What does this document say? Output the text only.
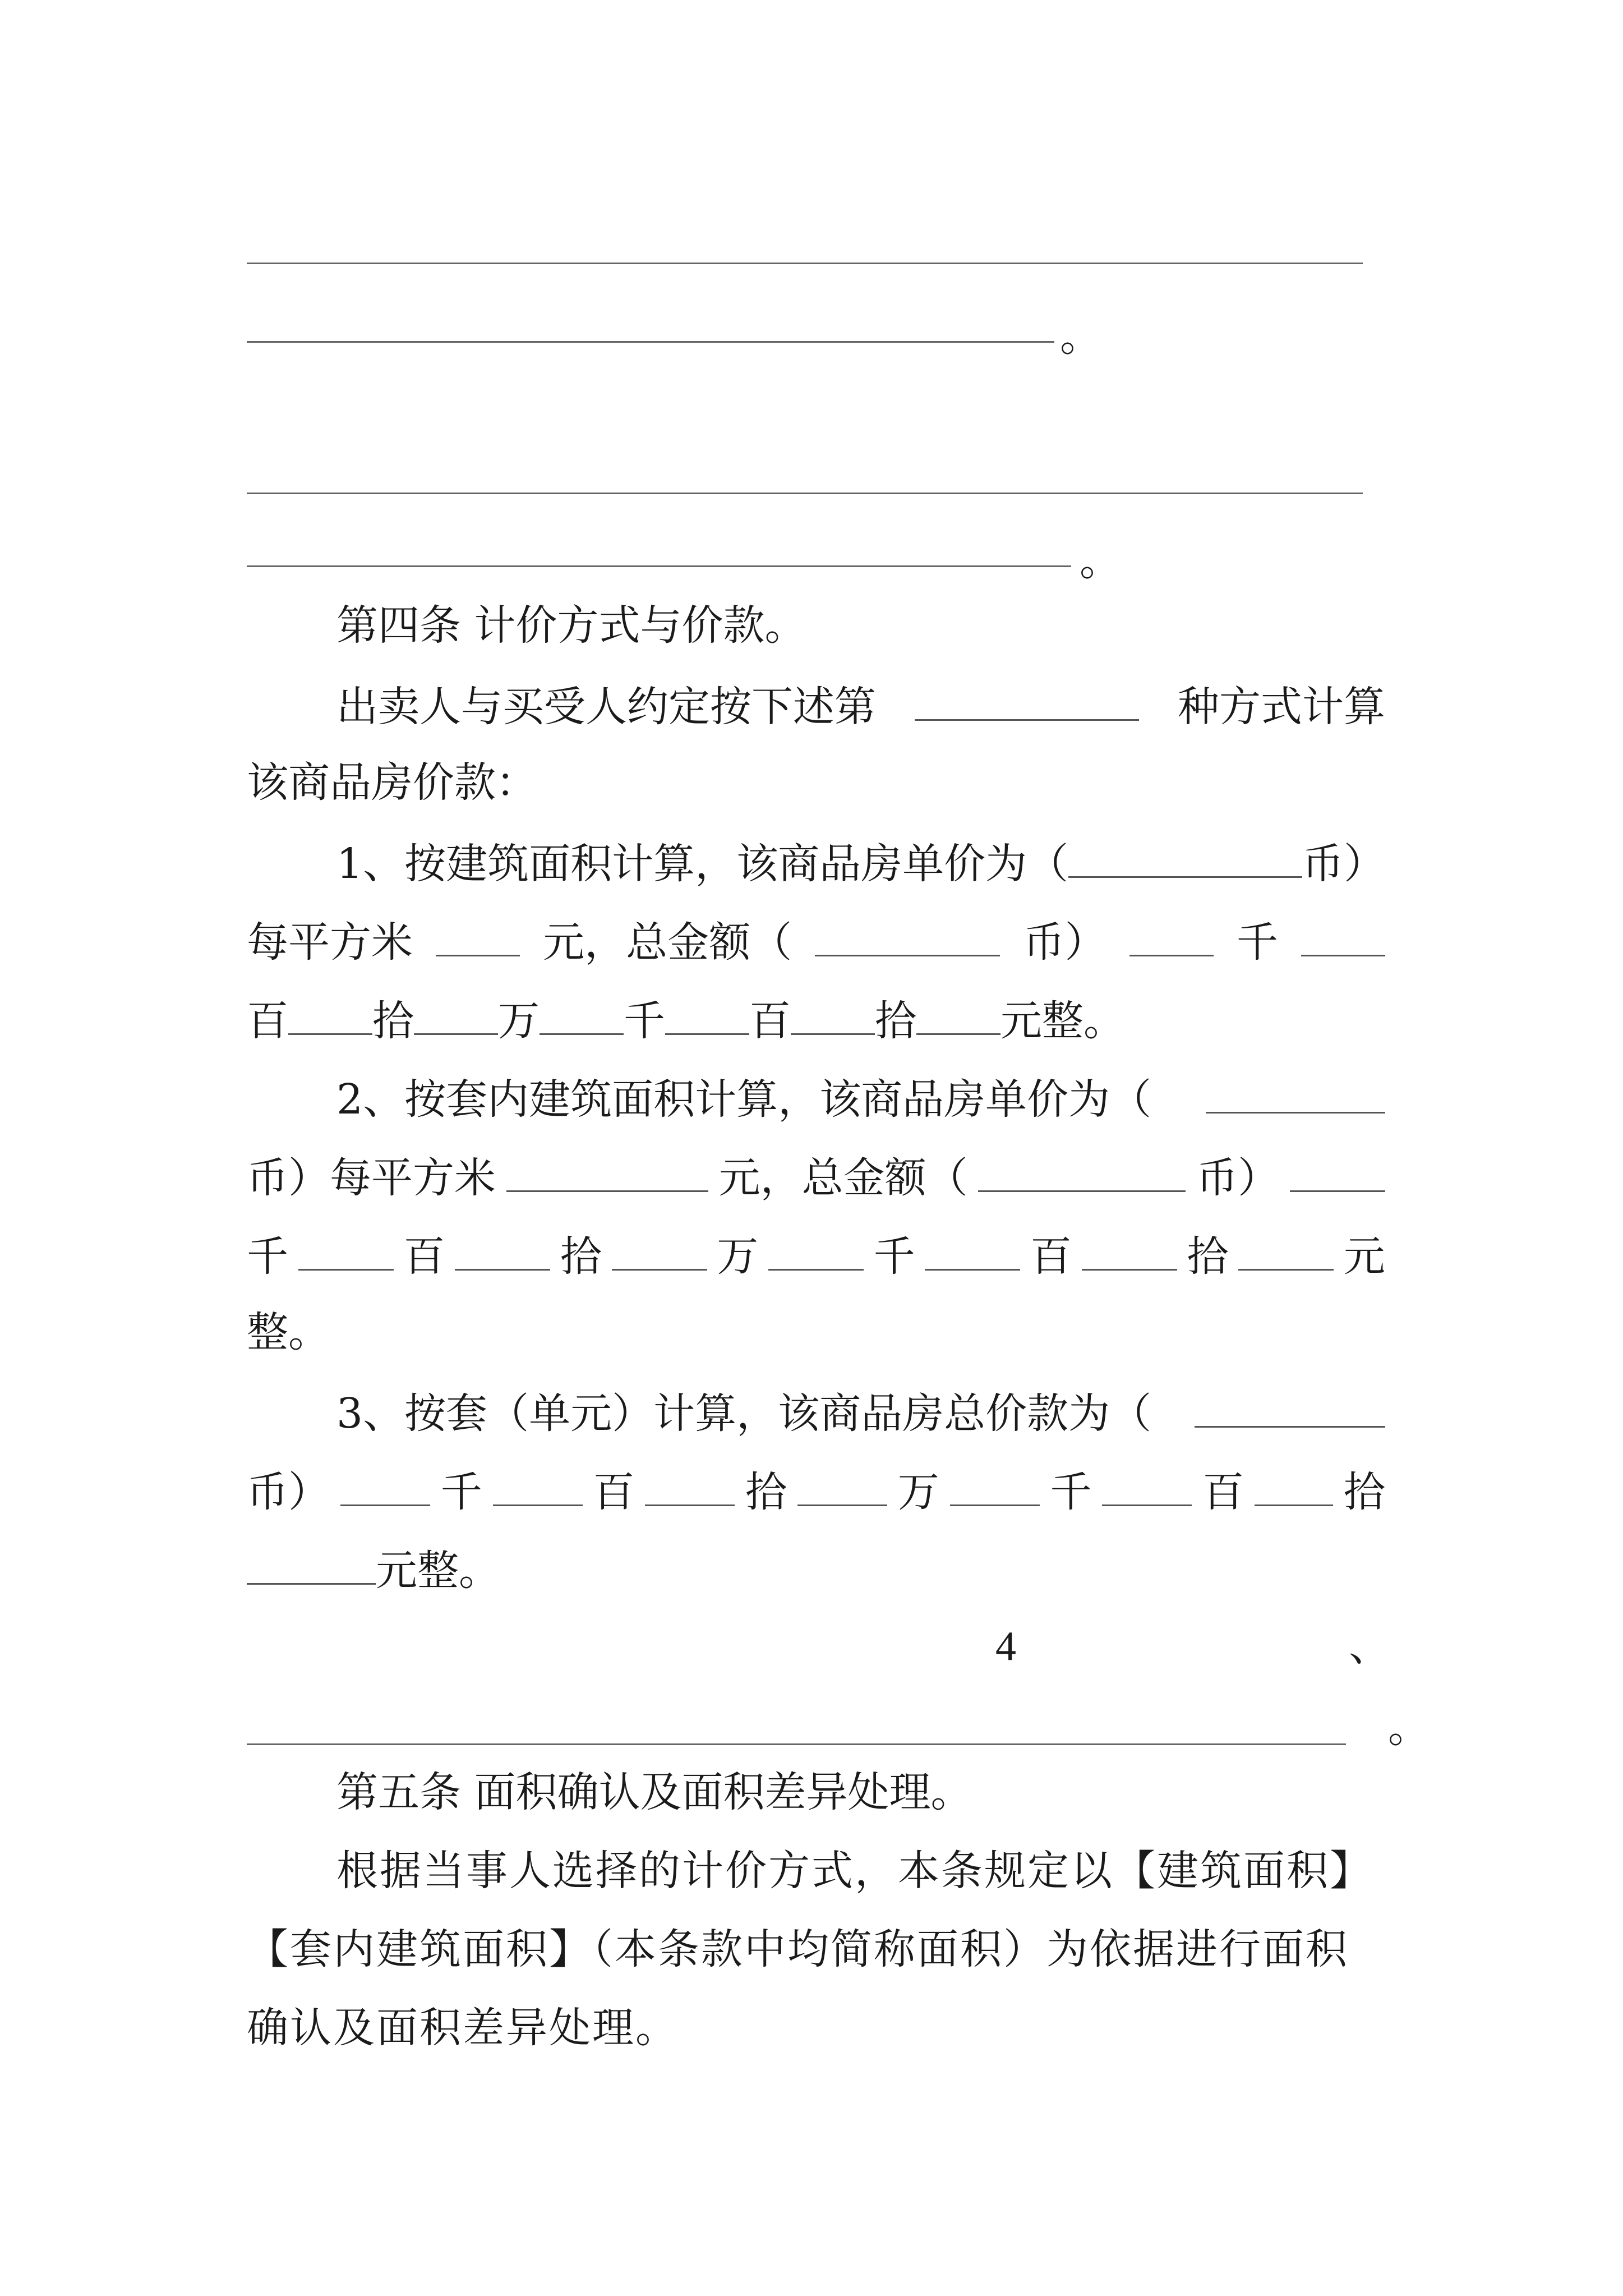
。
。
第四条 计价方式与价款。
出卖人与买受人约定按下述第	种方式计算
该商品房价款：
1、按建筑面积计算，该商品房单价为（	币）
每平方米	元，总金额（	币）	千
百 拾 万 千 百 拾 元整。
2、按套内建筑面积计算，该商品房单价为（
币）每平方米	元，总金额（	币）
千	百	拾	万	千	百	拾	元
整。
3、按套（单元）计算，该商品房总价款为（
币）	千	百	拾	万	千	百 拾
元整。
4	、
。
第五条 面积确认及面积差异处理。
根据当事人选择的计价方式，本条规定以【建筑面积】
【套内建筑面积】（本条款中均简称面积）为依据进行面积
确认及面积差异处理。
